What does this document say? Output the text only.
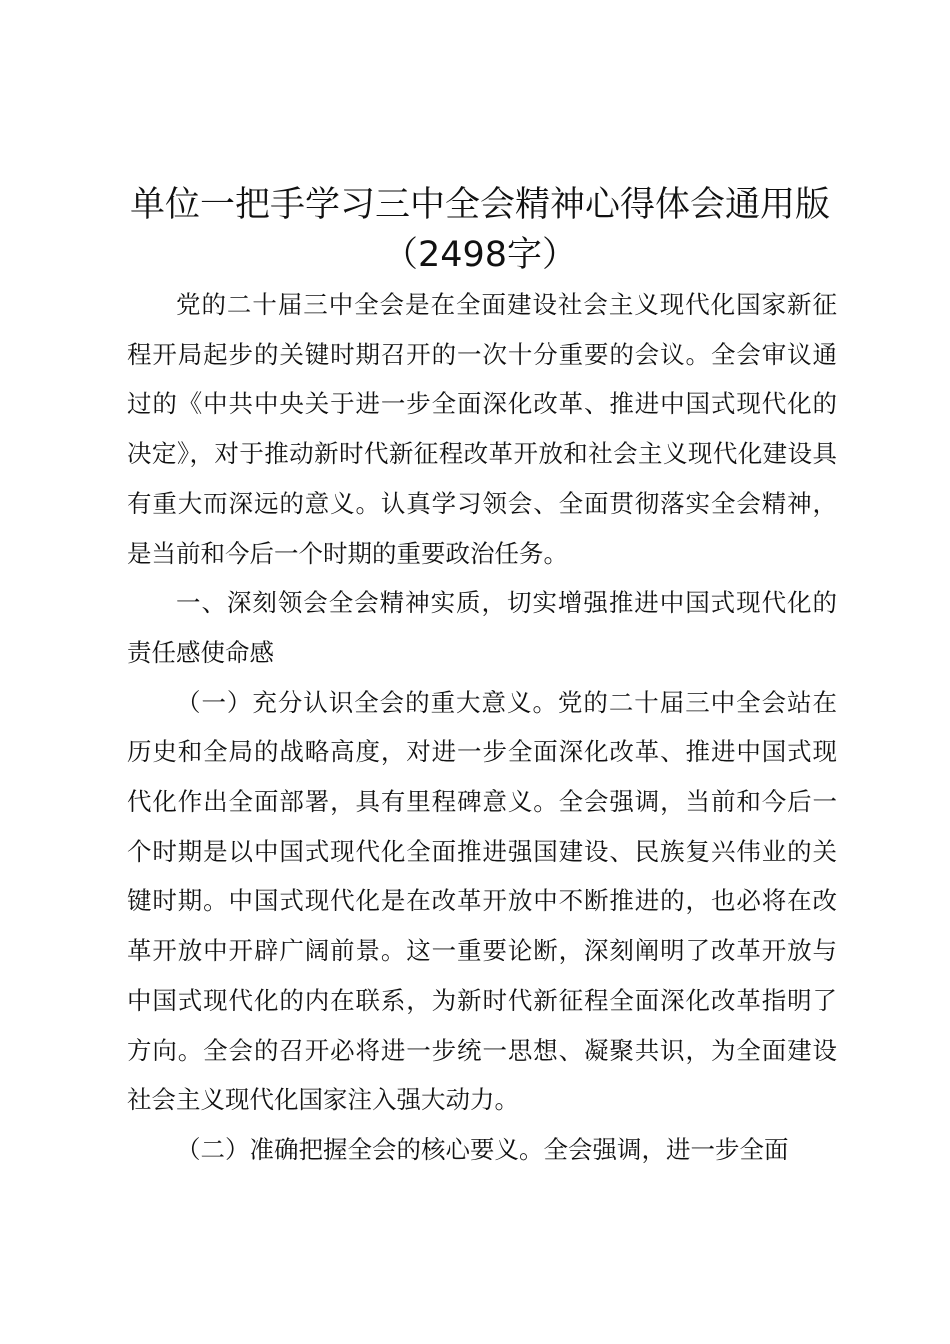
单位一把手学习三中全会精神心得体会通用版
（2498字）

党的二十届三中全会是在全面建设社会主义现代化国家新征程开局起步的关键时期召开的一次十分重要的会议。全会审议通过的《中共中央关于进一步全面深化改革、推进中国式现代化的决定》，对于推动新时代新征程改革开放和社会主义现代化建设具有重大而深远的意义。认真学习领会、全面贯彻落实全会精神，是当前和今后一个时期的重要政治任务。

一、深刻领会全会精神实质，切实增强推进中国式现代化的责任感使命感

（一）充分认识全会的重大意义。党的二十届三中全会站在历史和全局的战略高度，对进一步全面深化改革、推进中国式现代化作出全面部署，具有里程碑意义。全会强调，当前和今后一个时期是以中国式现代化全面推进强国建设、民族复兴伟业的关键时期。中国式现代化是在改革开放中不断推进的，也必将在改革开放中开辟广阔前景。这一重要论断，深刻阐明了改革开放与中国式现代化的内在联系，为新时代新征程全面深化改革指明了方向。全会的召开必将进一步统一思想、凝聚共识，为全面建设社会主义现代化国家注入强大动力。

（二）准确把握全会的核心要义。全会强调，进一步全面
